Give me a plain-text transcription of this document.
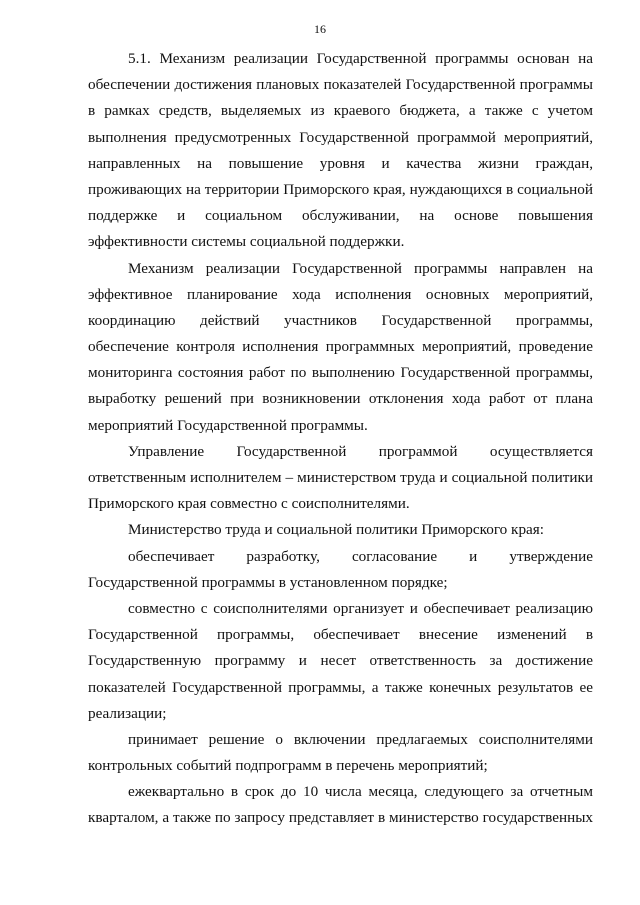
16
5.1. Механизм реализации Государственной программы основан на
обеспечении достижения плановых показателей Государственной программы
в рамках средств, выделяемых из краевого бюджета, а также с учетом
выполнения предусмотренных Государственной программой мероприятий,
направленных на повышение уровня и качества жизни граждан,
проживающих на территории Приморского края, нуждающихся в социальной
поддержке и социальном обслуживании, на основе повышения
эффективности системы социальной поддержки.
Механизм реализации Государственной программы направлен на
эффективное планирование хода исполнения основных мероприятий,
координацию действий участников Государственной программы,
обеспечение контроля исполнения программных мероприятий, проведение
мониторинга состояния работ по выполнению Государственной программы,
выработку решений при возникновении отклонения хода работ от плана
мероприятий Государственной программы.
Управление Государственной программой осуществляется
ответственным исполнителем – министерством труда и социальной политики
Приморского края совместно с соисполнителями.
Министерство труда и социальной политики Приморского края:
обеспечивает разработку, согласование и утверждение
Государственной программы в установленном порядке;
совместно с соисполнителями организует и обеспечивает реализацию
Государственной программы, обеспечивает внесение изменений в
Государственную программу и несет ответственность за достижение
показателей Государственной программы, а также конечных результатов ее
реализации;
принимает решение о включении предлагаемых соисполнителями
контрольных событий подпрограмм в перечень мероприятий;
ежеквартально в срок до 10 числа месяца, следующего за отчетным
кварталом, а также по запросу представляет в министерство государственных
